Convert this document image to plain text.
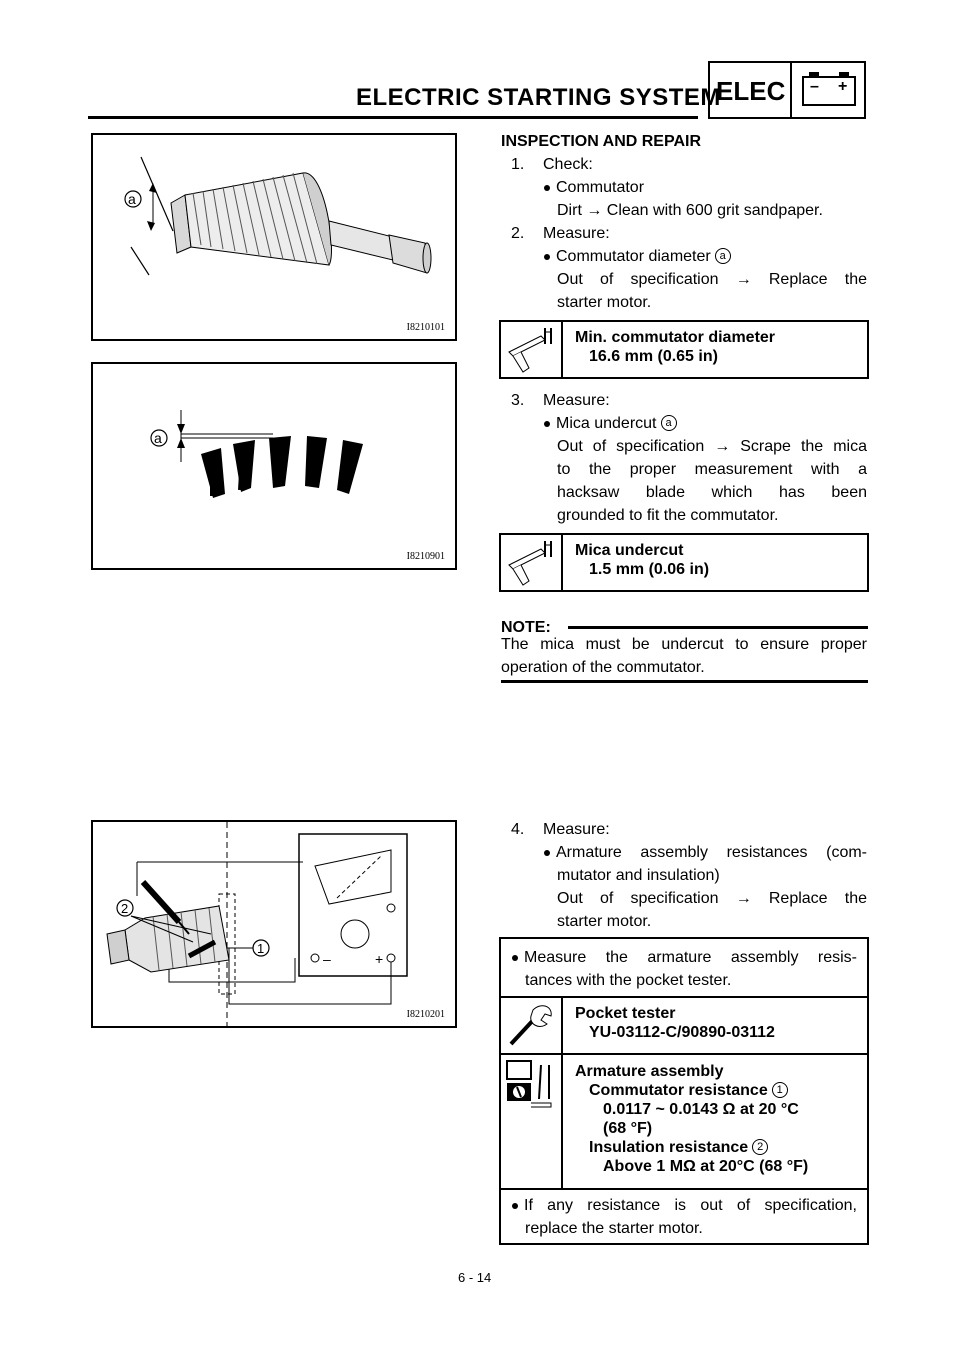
ELECTRIC STARTING SYSTEM
ELEC – +
a
I8210101
a
I8210901
–	+
1
2
I8210201
INSPECTION AND REPAIR
1. Check:
Commutator
Dirt → Clean with 600 grit sandpaper.
2. Measure:
Commutator diameter a
Out of specification → Replace the
starter motor.
Min. commutator diameter
16.6 mm (0.65 in)
3. Measure:
Mica undercut a
Out of specification → Scrape the mica
to the proper measurement with a
hacksaw blade which has been
grounded to fit the commutator.
Mica undercut
1.5 mm (0.06 in)
NOTE:
The mica must be undercut to ensure proper
operation of the commutator.
4. Measure:
Armature assembly resistances (com-
mutator and insulation)
Out of specification → Replace the
starter motor.
Measure the armature assembly resis-
tances with the pocket tester.
Pocket tester
YU-03112-C/90890-03112
Armature assembly
Commutator resistance 1
0.0117 ~ 0.0143 Ω at 20 °C
(68 °F)
Insulation resistance 2
Above 1 MΩ at 20°C (68 °F)
If any resistance is out of specification,
replace the starter motor.
6 - 14
